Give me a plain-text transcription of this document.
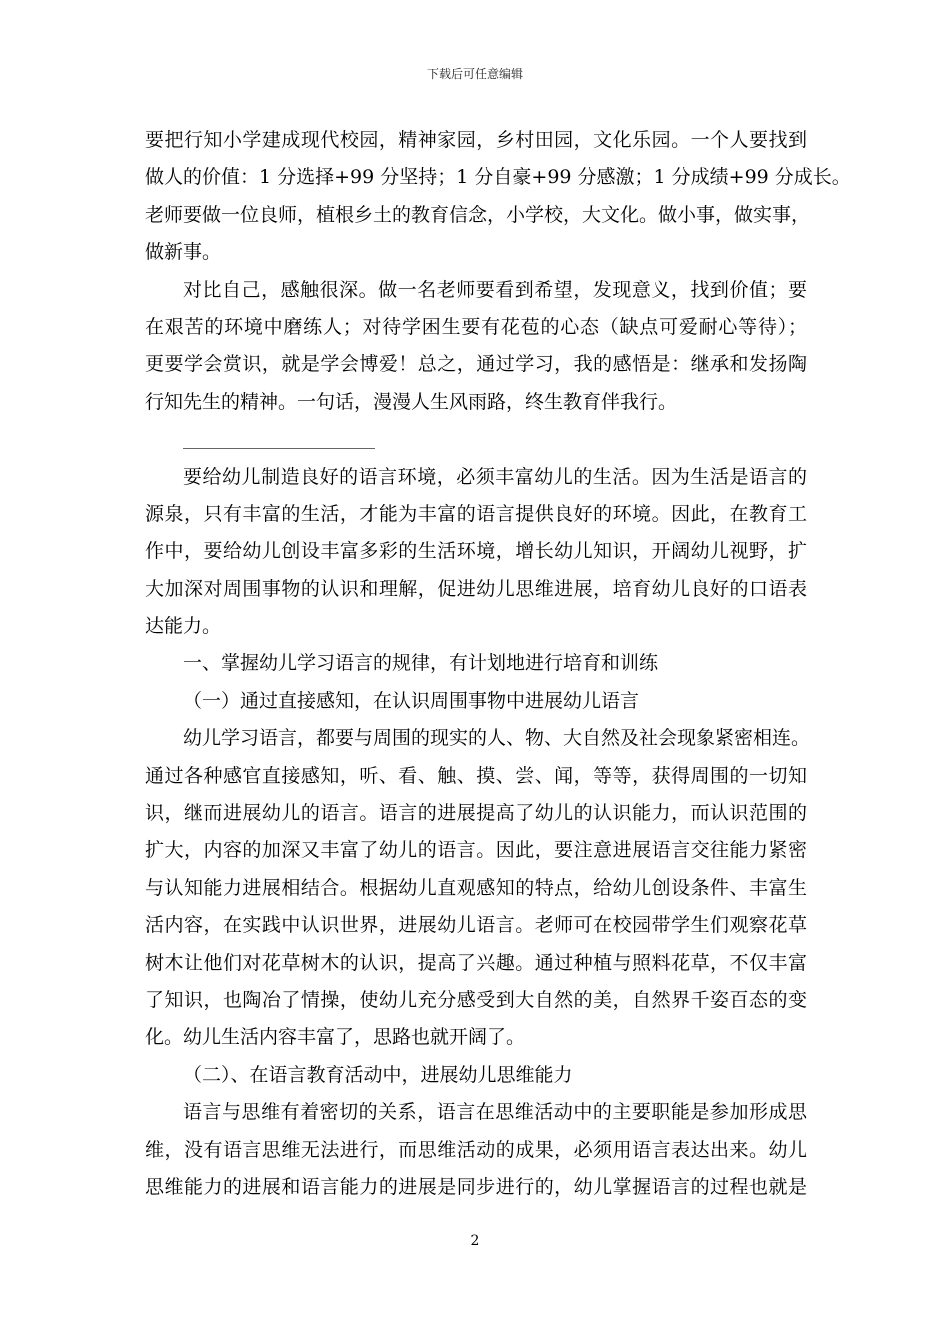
下载后可任意编辑
要把行知小学建成现代校园，精神家园，乡村田园，文化乐园。一个人要找到
做人的价值：1 分选择+99 分坚持；1 分自豪+99 分感激；1 分成绩+99 分成长。
老师要做一位良师，植根乡土的教育信念，小学校，大文化。做小事，做实事，
做新事。
对比自己，感触很深。做一名老师要看到希望，发现意义，找到价值；要
在艰苦的环境中磨练人；对待学困生要有花苞的心态（缺点可爱耐心等待）；
更要学会赏识，就是学会博爱！总之，通过学习，我的感悟是：继承和发扬陶
行知先生的精神。一句话，漫漫人生风雨路，终生教育伴我行。
________________________
要给幼儿制造良好的语言环境，必须丰富幼儿的生活。因为生活是语言的
源泉，只有丰富的生活，才能为丰富的语言提供良好的环境。因此，在教育工
作中，要给幼儿创设丰富多彩的生活环境，增长幼儿知识，开阔幼儿视野，扩
大加深对周围事物的认识和理解，促进幼儿思维进展，培育幼儿良好的口语表
达能力。
一、掌握幼儿学习语言的规律，有计划地进行培育和训练
（一）通过直接感知，在认识周围事物中进展幼儿语言
幼儿学习语言，都要与周围的现实的人、物、大自然及社会现象紧密相连。
通过各种感官直接感知，听、看、触、摸、尝、闻，等等，获得周围的一切知
识，继而进展幼儿的语言。语言的进展提高了幼儿的认识能力，而认识范围的
扩大，内容的加深又丰富了幼儿的语言。因此，要注意进展语言交往能力紧密
与认知能力进展相结合。根据幼儿直观感知的特点，给幼儿创设条件、丰富生
活内容，在实践中认识世界，进展幼儿语言。老师可在校园带学生们观察花草
树木让他们对花草树木的认识，提高了兴趣。通过种植与照料花草，不仅丰富
了知识，也陶冶了情操，使幼儿充分感受到大自然的美，自然界千姿百态的变
化。幼儿生活内容丰富了，思路也就开阔了。
（二）、在语言教育活动中，进展幼儿思维能力
语言与思维有着密切的关系，语言在思维活动中的主要职能是参加形成思
维，没有语言思维无法进行，而思维活动的成果，必须用语言表达出来。幼儿
思维能力的进展和语言能力的进展是同步进行的，幼儿掌握语言的过程也就是
2
